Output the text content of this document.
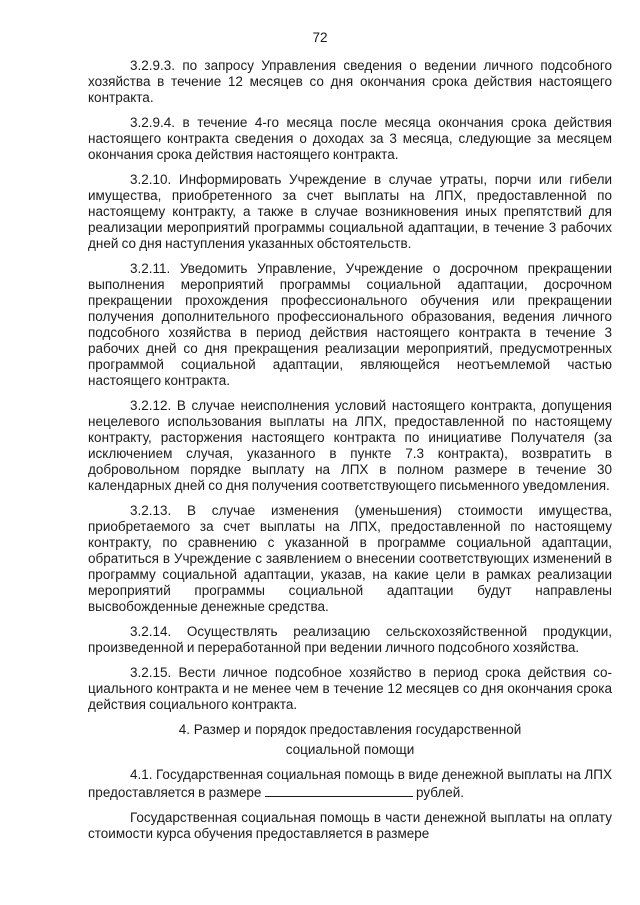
72

3.2.9.3. по запросу Управления сведения о ведении личного подсобного хозяйства в течение 12 месяцев со дня окончания срока действия настоящего контракта.

3.2.9.4. в течение 4-го месяца после месяца окончания срока действия настоящего контракта сведения о доходах за 3 месяца, следующие за месяцем окончания срока действия настоящего контракта.

3.2.10. Информировать Учреждение в случае утраты, порчи или гибели имущества, приобретенного за счет выплаты на ЛПХ, предоставленной по настоящему контракту, а также в случае возникновения иных препятствий для реализации мероприятий программы социальной адаптации, в течение 3 рабочих дней со дня наступления указанных обстоятельств.

3.2.11. Уведомить Управление, Учреждение о досрочном прекращении выполнения мероприятий программы социальной адаптации, досрочном прекращении прохождения профессионального обучения или прекращении получения дополнительного профессионального образования, ведения личного подсобного хозяйства в период действия настоящего контракта в течение 3 рабочих дней со дня прекращения реализации мероприятий, предусмотренных программой социальной адаптации, являющейся неотъемлемой частью настоящего контракта.

3.2.12. В случае неисполнения условий настоящего контракта, допущения нецелевого использования выплаты на ЛПХ, предоставленной по настоящему контракту, расторжения настоящего контракта по инициативе Получателя (за исключением случая, указанного в пункте 7.3 контракта), возвратить в добровольном порядке выплату на ЛПХ в полном размере в течение 30 календарных дней со дня получения соответствующего письменного уведомления.

3.2.13. В случае изменения (уменьшения) стоимости имущества, приобретаемого за счет выплаты на ЛПХ, предоставленной по настоящему контракту, по сравнению с указанной в программе социальной адаптации, обратиться в Учреждение с заявлением о внесении соответствующих изменений в программу социальной адаптации, указав, на какие цели в рамках реализации мероприятий программы социальной адаптации будут направлены высвобожденные денежные средства.

3.2.14. Осуществлять реализацию сельскохозяйственной продукции, произведенной и переработанной при ведении личного подсобного хозяйства.

3.2.15. Вести личное подсобное хозяйство в период срока действия со-циального контракта и не менее чем в течение 12 месяцев со дня окончания срока действия социального контракта.

4. Размер и порядок предоставления государственной
социальной помощи

4.1. Государственная социальная помощь в виде денежной выплаты на ЛПХ предоставляется в размере	рублей.

Государственная социальная помощь в части денежной выплаты на оплату стоимости курса обучения предоставляется в размере
